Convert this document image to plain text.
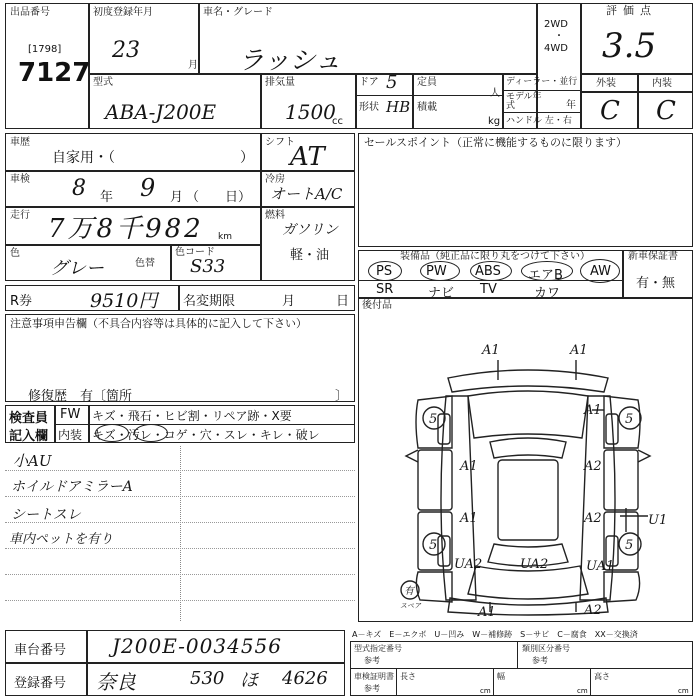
出品番号
[1798]
7127
初度登録年月
23
月
車名・グレード
ラッシュ
2WD
・
4WD
評価点
3.5
型式
ABA-J200E
排気量
1500
cc
ドア 5
形状 HB
定員
人
積載
kg
ディーラー・並行
モデル年式	年
ハンドル 左・右
外装	内装
C C
車歴
自家用・（	）
シフト
AT
車検 8 年 9 月 （　　日）
冷房
オートA/C
走行 7万8千982 km
燃料
ガソリン
軽・油
色
グレー	色替
色コード
S33
R券	9510円 名変期限	月	日
注意事項申告欄（不具合内容等は具体的に記入して下さい）
修復歴　有〔箇所	〕
検査員
記入欄
FW キズ・飛石・ヒビ割・リペア跡・X要
内装 キズ・汚レ・コゲ・穴・スレ・キレ・破レ
小AU
ホイルドアミラーA
シートスレ
車内ペットを有り
セールスポイント（正常に機能するものに限ります）
装備品（純正品に限り丸をつけて下さい）	新車保証書
有・無
PS	PW ABS エアB AW
SR	ナビ TV	カワ
後付品
A1	A1
A1
A1	A2
A1	A2	U1
UA2	UA2	UA1
A1	A2
5	5
5	5
有
スペア
車台番号 J200E-0034556
登録番号 奈良	530 ほ 4626
A－キズ　E－エクボ　U－凹み　W－補修跡　S－サビ　C－腐食　XX－交換済
型式指定番号
参考
類別区分番号
参考
車検証明書
参考
長さ
cm
幅
cm
高さ
cm
